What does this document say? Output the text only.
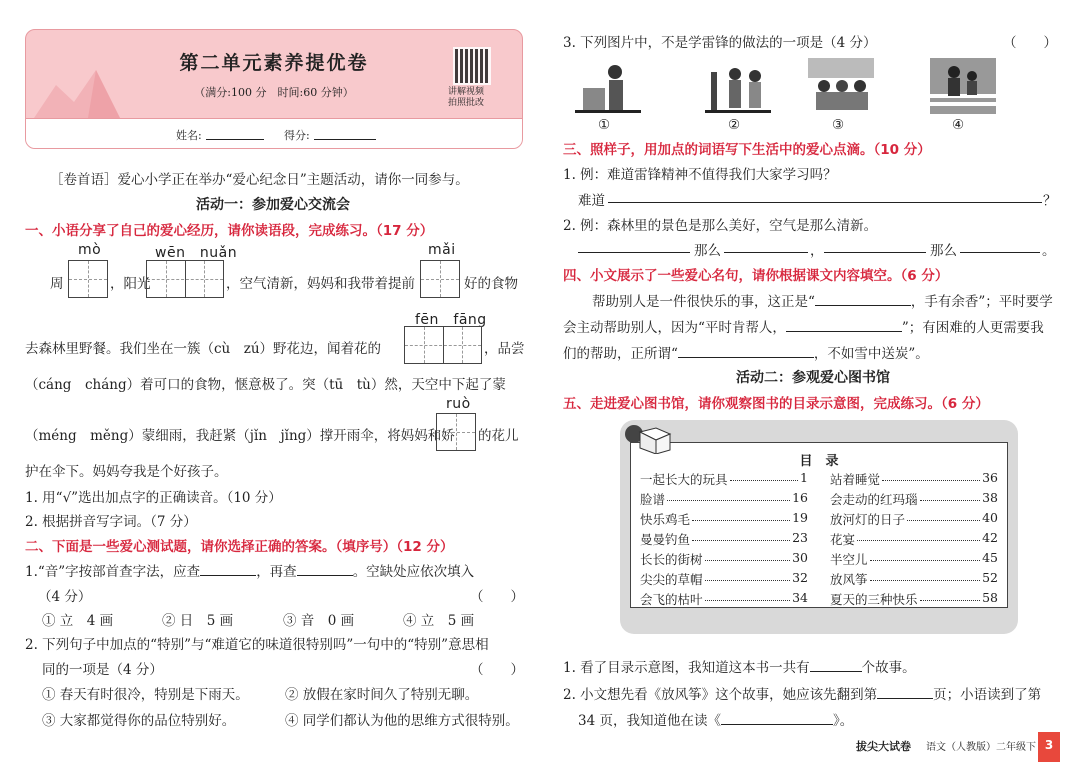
第二单元素养提优卷
（满分:100 分　时间:60 分钟）	讲解视频
拍照批改
姓名:	得分:
［卷首语］爱心小学正在举办“爱心纪念日”主题活动，请你一同参与。
活动一：参加爱心交流会
一、小语分享了自己的爱心经历，请你读语段，完成练习。（17 分）
mò	wēn　nuǎn	mǎi
周	，阳光	，空气清新，妈妈和我带着提前	好的食物
fēn　fāng
去森林里野餐。我们坐在一簇（cù　zú）野花边，闻着花的	，品尝
（cáng　cháng）着可口的食物，惬意极了。突（tū　tù）然，天空中下起了蒙
ruò
（méng　měng）蒙细雨，我赶紧（jǐn　jǐng）撑开雨伞，将妈妈和娇 的花儿
护在伞下。妈妈夸我是个好孩子。
1. 用“√”选出加点字的正确读音。（10 分）
2. 根据拼音写字词。（7 分）
二、下面是一些爱心测试题，请你选择正确的答案。（填序号）（12 分）
1.“音”字按部首查字法，应查	，再查	。空缺处应依次填入
（4 分）	（　　）
① 立　4 画	② 日　5 画	③ 音　0 画	④ 立　5 画
2. 下列句子中加点的“特别”与“难道它的味道很特别吗”一句中的“特别”意思相
同的一项是（4 分）	（　　）
① 春天有时很冷，特别是下雨天。	② 放假在家时间久了特别无聊。
③ 大家都觉得你的品位特别好。	④ 同学们都认为他的思维方式很特别。
3. 下列图片中，不是学雷锋的做法的一项是（4 分）	（　　）
①	②	③	④
三、照样子，用加点的词语写下生活中的爱心点滴。（10 分）
1. 例：难道雷锋精神不值得我们大家学习吗？
难道	？
2. 例：森林里的景色是那么美好，空气是那么清新。
那么	，	那么	。
四、小文展示了一些爱心名句，请你根据课文内容填空。（6 分）
帮助别人是一件很快乐的事，这正是“	，手有余香”；平时要学
会主动帮助别人，因为“平时肯帮人，	”；有困难的人更需要我
们的帮助，正所谓“	，不如雪中送炭”。
活动二：参观爱心图书馆
五、走进爱心图书馆，请你观察图书的目录示意图，完成练习。（6 分）
目　录
一起长大的玩具	1
脸谱	16
快乐鸡毛	19
曼曼钓鱼	23
长长的街树	30
尖尖的草帽	32
会飞的枯叶	34
站着睡觉	36
会走动的红玛瑙	38
放河灯的日子	40
花宴	42
半空儿	45
放风筝	52
夏天的三种快乐	58
1. 看了目录示意图，我知道这本书一共有	个故事。
2. 小文想先看《放风筝》这个故事，她应该先翻到第	页；小语读到了第
34 页，我知道他在读《	》。
拔尖大试卷 语文（人教版）二年级下 3
